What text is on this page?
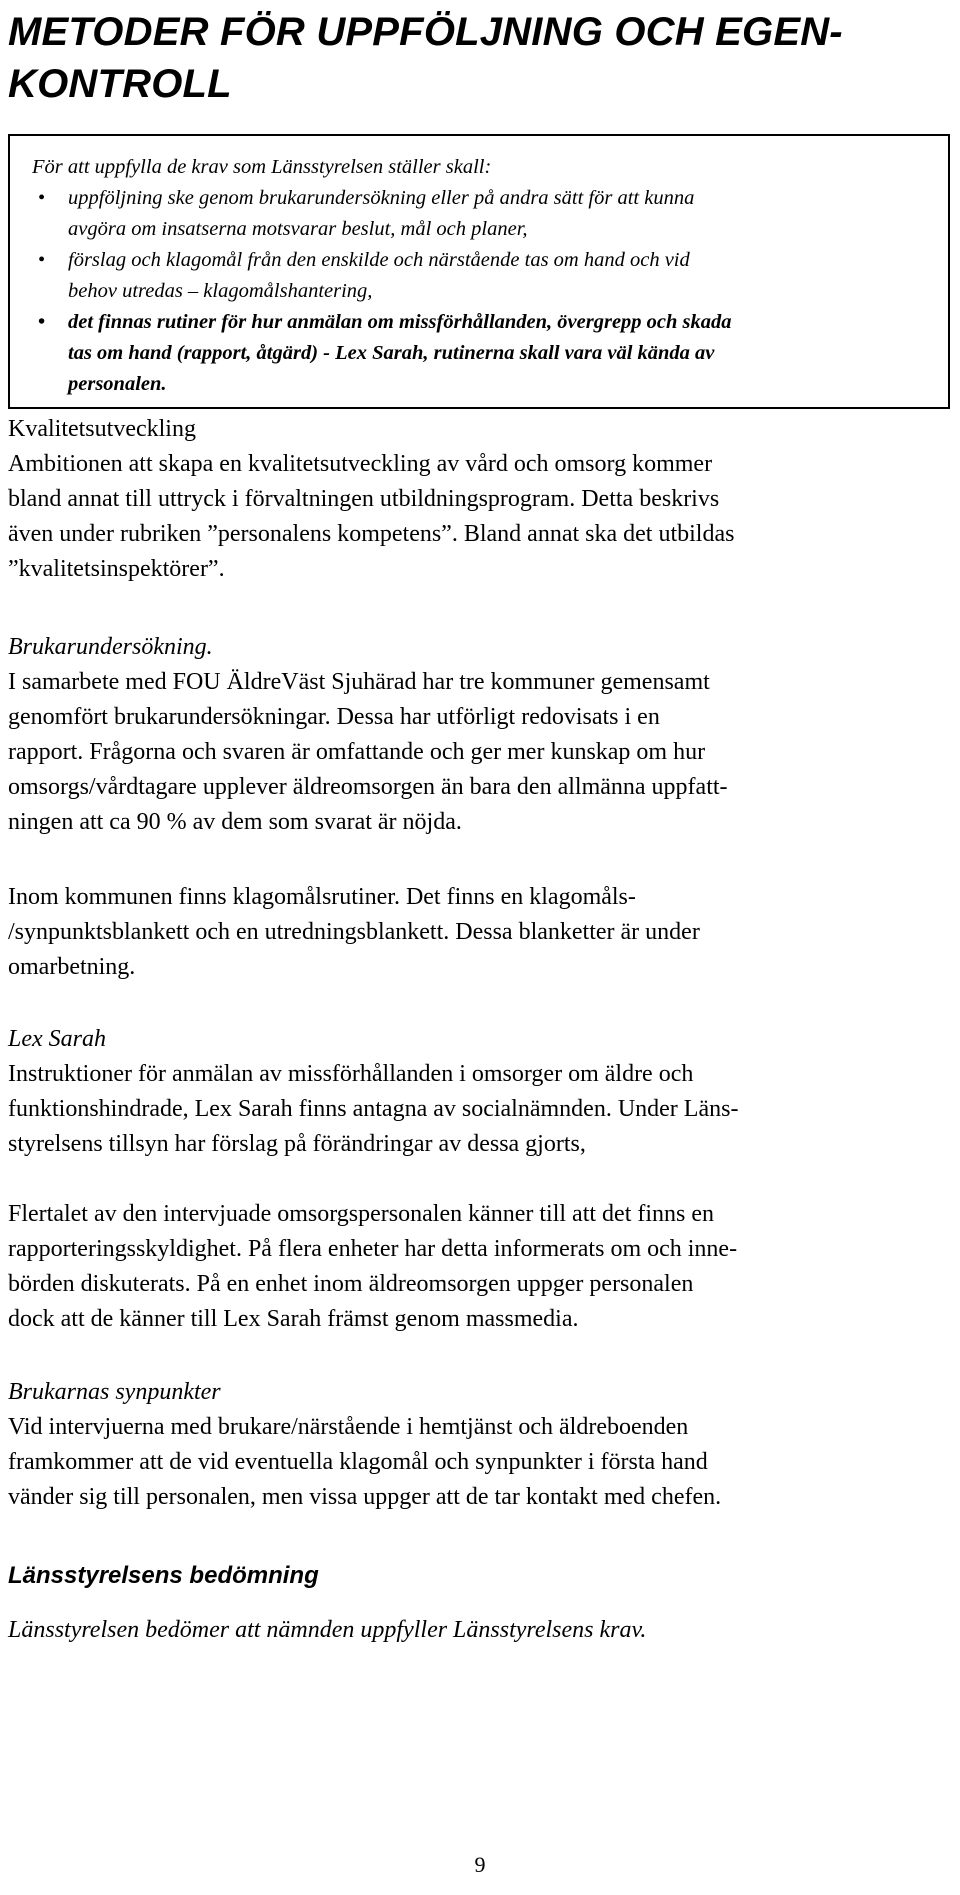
METODER FÖR UPPFÖLJNING OCH EGEN-
KONTROLL

För att uppfylla de krav som Länsstyrelsen ställer skall:

• uppföljning ske genom brukarundersökning eller på andra sätt för att kunna
avgöra om insatserna motsvarar beslut, mål och planer,
• förslag och klagomål från den enskilde och närstående tas om hand och vid
behov utredas – klagomålshantering,
• det finnas rutiner för hur anmälan om missförhållanden, övergrepp och skada
tas om hand (rapport, åtgärd) - Lex Sarah, rutinerna skall vara väl kända av
personalen.

Kvalitetsutveckling

Ambitionen att skapa en kvalitetsutveckling av vård och omsorg kommer
bland annat till uttryck i förvaltningen utbildningsprogram. Detta beskrivs
även under rubriken ”personalens kompetens”. Bland annat ska det utbildas
”kvalitetsinspektörer”.

Brukarundersökning.

I samarbete med FOU ÄldreVäst Sjuhärad har tre kommuner gemensamt
genomfört brukarundersökningar. Dessa har utförligt redovisats i en
rapport. Frågorna och svaren är omfattande och ger mer kunskap om hur
omsorgs/vårdtagare upplever äldreomsorgen än bara den allmänna uppfatt-
ningen att ca 90 % av dem som svarat är nöjda.

Inom kommunen finns klagomålsrutiner. Det finns en klagomåls-
/synpunktsblankett och en utredningsblankett. Dessa blanketter är under
omarbetning.

Lex Sarah

Instruktioner för anmälan av missförhållanden i omsorger om äldre och
funktionshindrade, Lex Sarah finns antagna av socialnämnden. Under Läns-
styrelsens tillsyn har förslag på förändringar av dessa gjorts,

Flertalet av den intervjuade omsorgspersonalen känner till att det finns en
rapporteringsskyldighet. På flera enheter har detta informerats om och inne-
börden diskuterats. På en enhet inom äldreomsorgen uppger personalen
dock att de känner till Lex Sarah främst genom massmedia.

Brukarnas synpunkter

Vid intervjuerna med brukare/närstående i hemtjänst och äldreboenden
framkommer att de vid eventuella klagomål och synpunkter i första hand
vänder sig till personalen, men vissa uppger att de tar kontakt med chefen.

Länsstyrelsens bedömning

Länsstyrelsen bedömer att nämnden uppfyller Länsstyrelsens krav.

9
